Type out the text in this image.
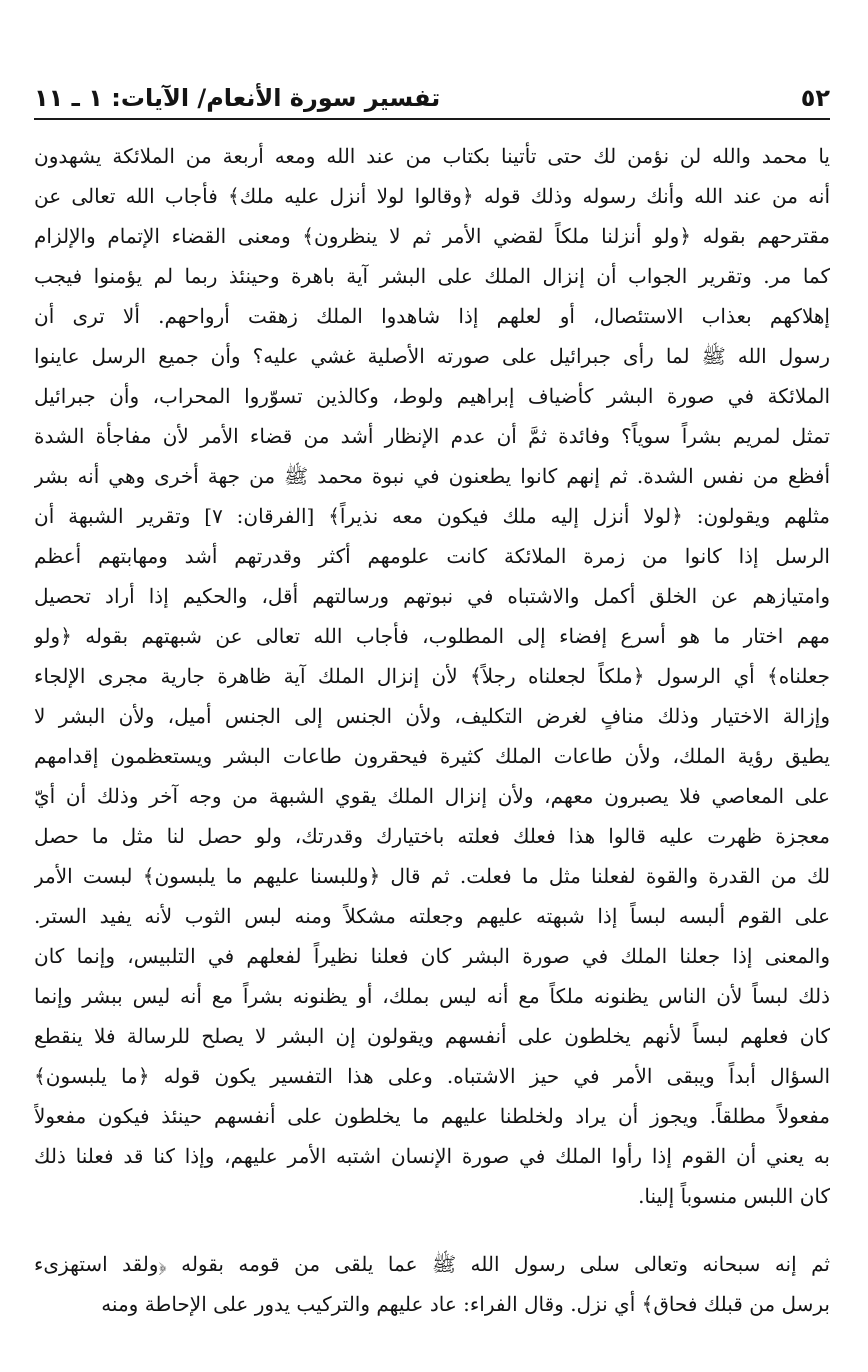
٥٢
تفسير سورة الأنعام/ الآيات: ١ ـ ١١
يا محمد والله لن نؤمن لك حتى تأتينا بكتاب من عند الله ومعه أربعة من الملائكة يشهدون
أنه من عند الله وأنك رسوله وذلك قوله ﴿وقالوا لولا أنزل عليه ملك﴾ فأجاب الله تعالى عن
مقترحهم بقوله ﴿ولو أنزلنا ملكاً لقضي الأمر ثم لا ينظرون﴾ ومعنى القضاء الإتمام والإلزام
كما مر. وتقرير الجواب أن إنزال الملك على البشر آية باهرة وحينئذ ربما لم يؤمنوا فيجب
إهلاكهم بعذاب الاستئصال، أو لعلهم إذا شاهدوا الملك زهقت أرواحهم. ألا ترى أن
رسول الله ﷺ لما رأى جبرائيل على صورته الأصلية غشي عليه؟ وأن جميع الرسل عاينوا
الملائكة في صورة البشر كأضياف إبراهيم ولوط، وكالذين تسوّروا المحراب، وأن جبرائيل
تمثل لمريم بشراً سوياً؟ وفائدة ثمَّ أن عدم الإنظار أشد من قضاء الأمر لأن مفاجأة الشدة
أفظع من نفس الشدة. ثم إنهم كانوا يطعنون في نبوة محمد ﷺ من جهة أخرى وهي أنه بشر
مثلهم ويقولون: ﴿لولا أنزل إليه ملك فيكون معه نذيراً﴾ [الفرقان: ٧] وتقرير الشبهة أن
الرسل إذا كانوا من زمرة الملائكة كانت علومهم أكثر وقدرتهم أشد ومهابتهم أعظم
وامتيازهم عن الخلق أكمل والاشتباه في نبوتهم ورسالتهم أقل، والحكيم إذا أراد تحصيل
مهم اختار ما هو أسرع إفضاء إلى المطلوب، فأجاب الله تعالى عن شبهتهم بقوله ﴿ولو
جعلناه﴾ أي الرسول ﴿ملكاً لجعلناه رجلاً﴾ لأن إنزال الملك آية ظاهرة جارية مجرى الإلجاء
وإزالة الاختيار وذلك منافٍ لغرض التكليف، ولأن الجنس إلى الجنس أميل، ولأن البشر لا
يطيق رؤية الملك، ولأن طاعات الملك كثيرة فيحقرون طاعات البشر ويستعظمون إقدامهم
على المعاصي فلا يصبرون معهم، ولأن إنزال الملك يقوي الشبهة من وجه آخر وذلك أن أيّ
معجزة ظهرت عليه قالوا هذا فعلك فعلته باختيارك وقدرتك، ولو حصل لنا مثل ما حصل
لك من القدرة والقوة لفعلنا مثل ما فعلت. ثم قال ﴿وللبسنا عليهم ما يلبسون﴾ لبست الأمر
على القوم ألبسه لبساً إذا شبهته عليهم وجعلته مشكلاً ومنه لبس الثوب لأنه يفيد الستر.
والمعنى إذا جعلنا الملك في صورة البشر كان فعلنا نظيراً لفعلهم في التلبيس، وإنما كان
ذلك لبساً لأن الناس يظنونه ملكاً مع أنه ليس بملك، أو يظنونه بشراً مع أنه ليس ببشر وإنما
كان فعلهم لبساً لأنهم يخلطون على أنفسهم ويقولون إن البشر لا يصلح للرسالة فلا ينقطع
السؤال أبداً ويبقى الأمر في حيز الاشتباه. وعلى هذا التفسير يكون قوله ﴿ما يلبسون﴾
مفعولاً مطلقاً. ويجوز أن يراد ولخلطنا عليهم ما يخلطون على أنفسهم حينئذ فيكون مفعولاً
به يعني أن القوم إذا رأوا الملك في صورة الإنسان اشتبه الأمر عليهم، وإذا كنا قد فعلنا ذلك
كان اللبس منسوباً إلينا.
ثم إنه سبحانه وتعالى سلى رسول الله ﷺ عما يلقى من قومه بقوله ﴿ولقد استهزىء
برسل من قبلك فحاق﴾ أي نزل. وقال الفراء: عاد عليهم والتركيب يدور على الإحاطة ومنه
